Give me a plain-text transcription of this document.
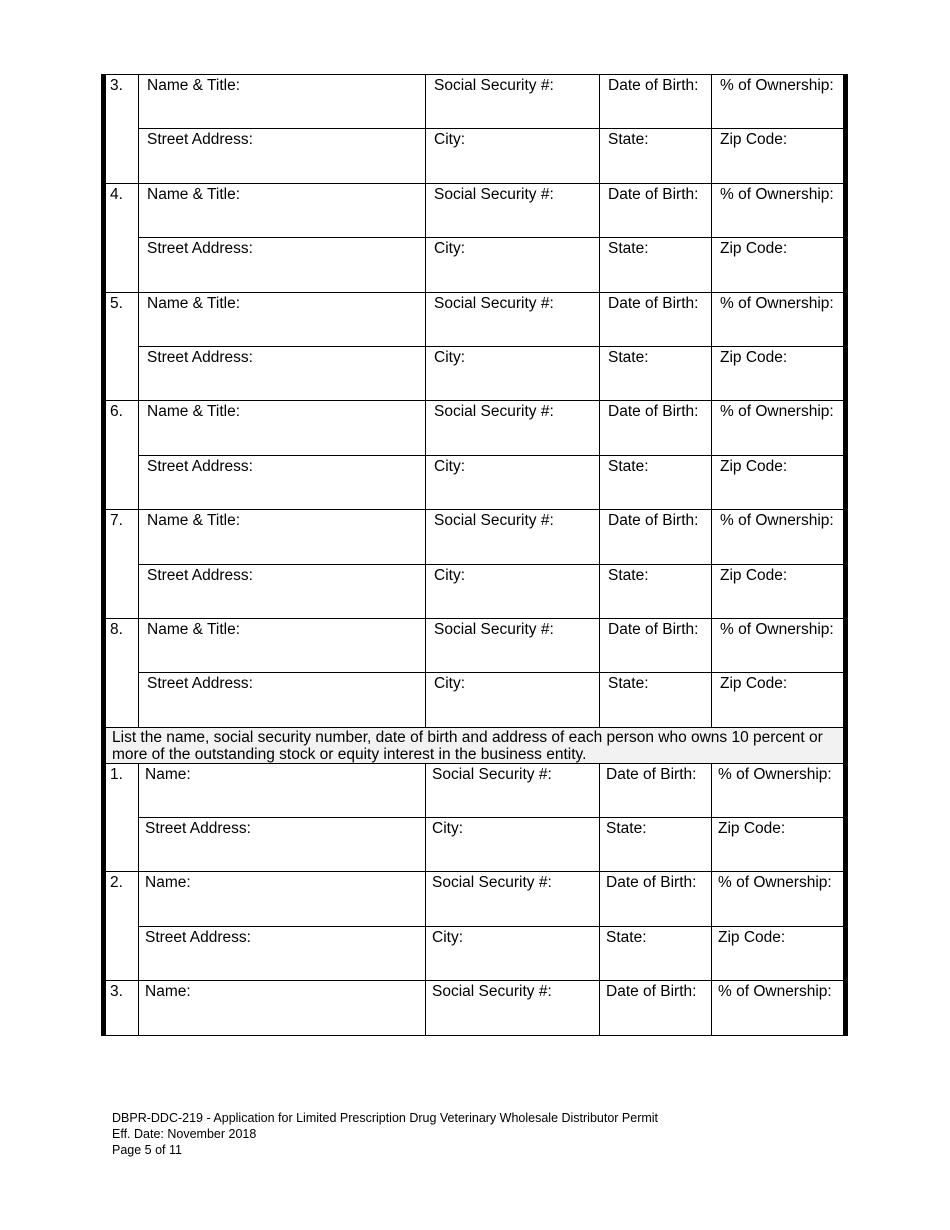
3.	Name & Title:	Social Security #:	Date of Birth:	% of Ownership:
Street Address:	City:	State:	Zip Code:
4.	Name & Title:	Social Security #:	Date of Birth:	% of Ownership:
Street Address:	City:	State:	Zip Code:
5.	Name & Title:	Social Security #:	Date of Birth:	% of Ownership:
Street Address:	City:	State:	Zip Code:
6.	Name & Title:	Social Security #:	Date of Birth:	% of Ownership:
Street Address:	City:	State:	Zip Code:
7.	Name & Title:	Social Security #:	Date of Birth:	% of Ownership:
Street Address:	City:	State:	Zip Code:
8.	Name & Title:	Social Security #:	Date of Birth:	% of Ownership:
Street Address:	City:	State:	Zip Code:
List the name, social security number, date of birth and address of each person who owns 10 percent or more of the outstanding stock or equity interest in the business entity.
1.	Name:	Social Security #:	Date of Birth:	% of Ownership:
Street Address:	City:	State:	Zip Code:
2.	Name:	Social Security #:	Date of Birth:	% of Ownership:
Street Address:	City:	State:	Zip Code:
3.	Name:	Social Security #:	Date of Birth:	% of Ownership:
DBPR-DDC-219 - Application for Limited Prescription Drug Veterinary Wholesale Distributor Permit
Eff. Date: November 2018
Page 5 of 11
